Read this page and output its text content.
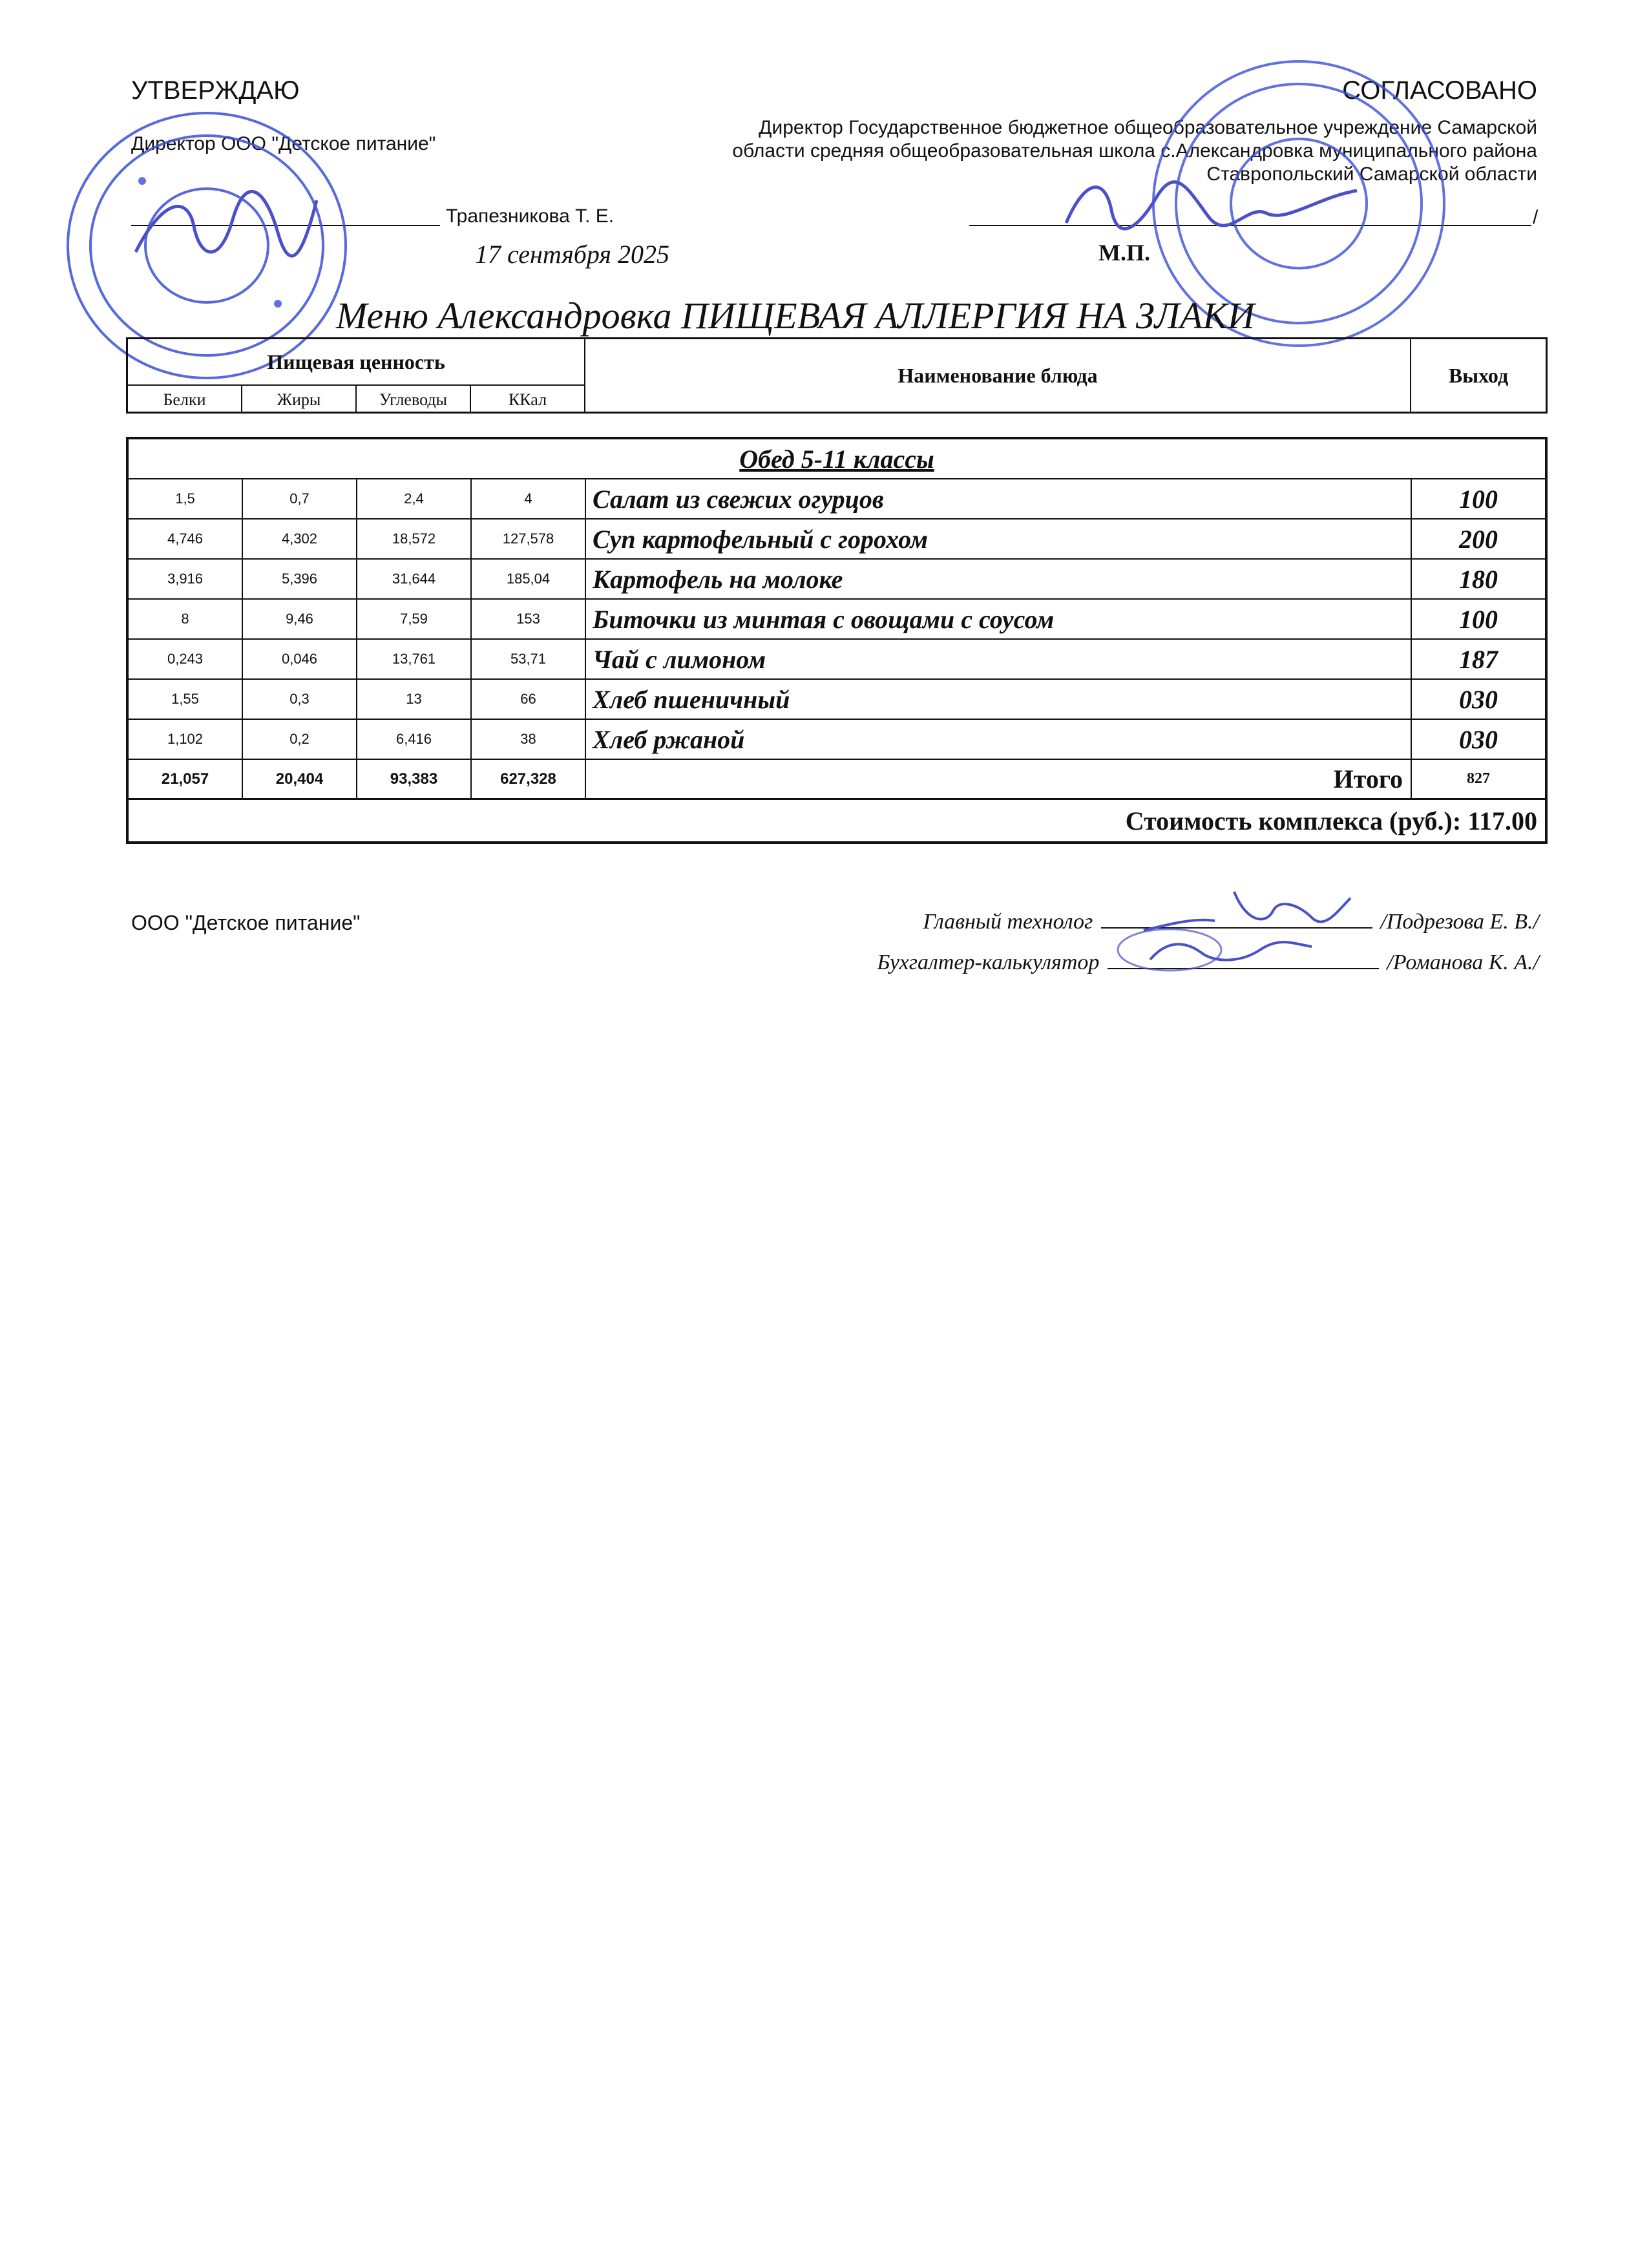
УТВЕРЖДАЮ
Директор ООО "Детское питание"
Трапезникова Т. Е.
17 сентября 2025
СОГЛАСОВАНО
Директор Государственное бюджетное общеобразовательное учреждение Самарской области средняя общеобразовательная школа с.Александровка муниципального района Ставропольский Самарской области
/
М.П.
Меню Александровка ПИЩЕВАЯ АЛЛЕРГИЯ НА ЗЛАКИ
Пищевая ценность
Белки	Жиры	Углеводы	ККал
Наименование блюда	Выход
Обед 5-11 классы
1,5	0,7	2,4	4	Салат из свежих огурцов	100
4,746	4,302	18,572	127,578	Суп картофельный с горохом	200
3,916	5,396	31,644	185,04	Картофель на молоке	180
8	9,46	7,59	153	Биточки из минтая с овощами с соусом	100
0,243	0,046	13,761	53,71	Чай с лимоном	187
1,55	0,3	13	66	Хлеб пшеничный	030
1,102	0,2	6,416	38	Хлеб ржаной	030
21,057	20,404	93,383	627,328	Итого	827
Стоимость комплекса (руб.): 117.00
ООО "Детское питание"	Главный технолог	/Подрезова Е. В./
Бухгалтер-калькулятор	/Романова К. А./
